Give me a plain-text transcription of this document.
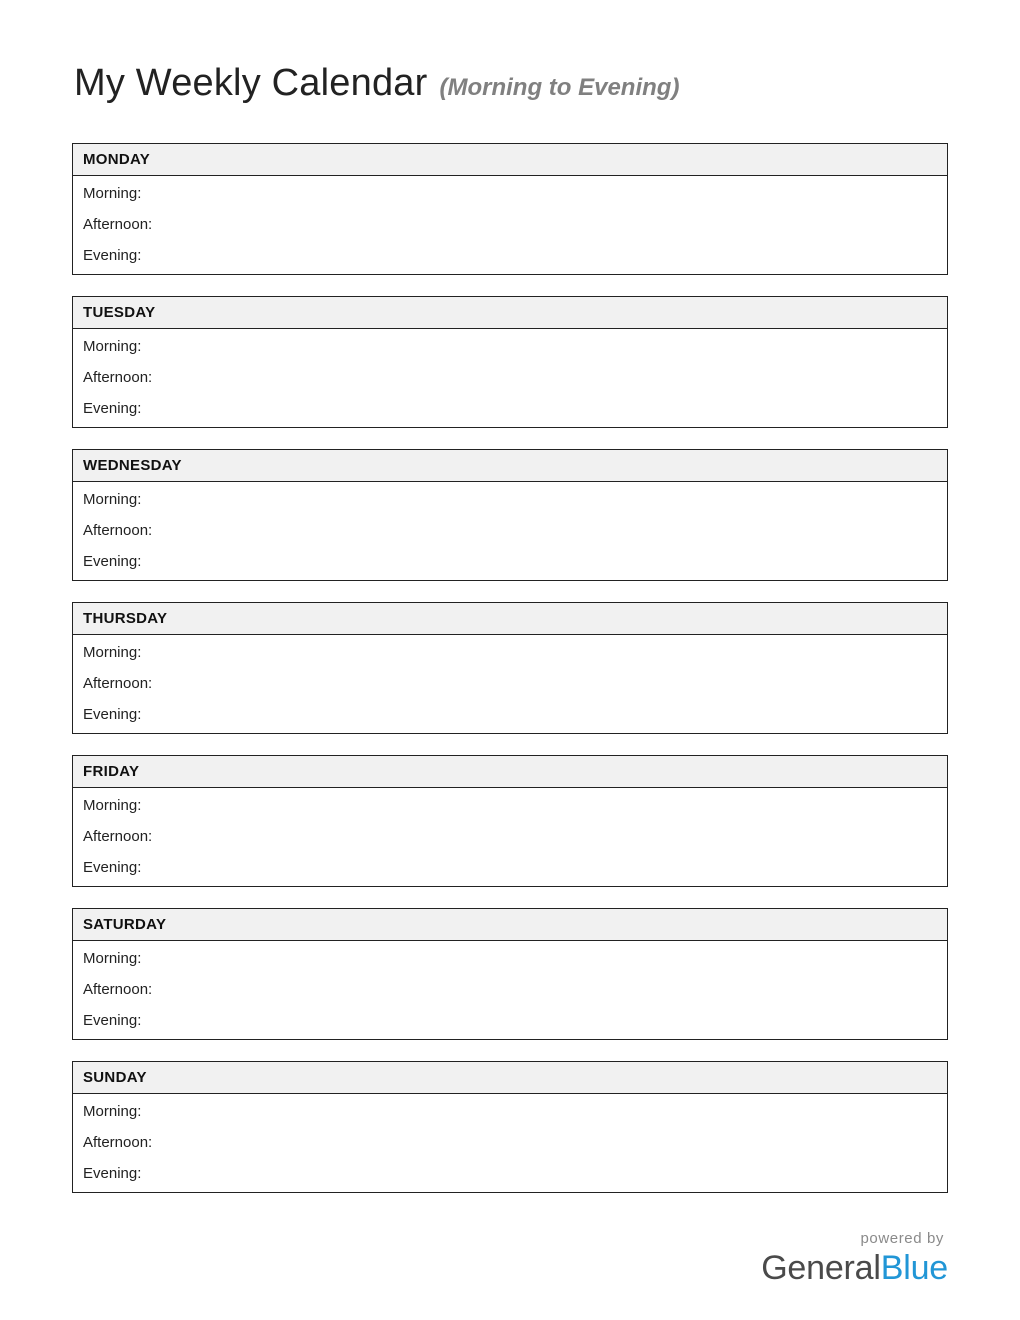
My Weekly Calendar (Morning to Evening)
MONDAY
Morning:
Afternoon:
Evening:
TUESDAY
Morning:
Afternoon:
Evening:
WEDNESDAY
Morning:
Afternoon:
Evening:
THURSDAY
Morning:
Afternoon:
Evening:
FRIDAY
Morning:
Afternoon:
Evening:
SATURDAY
Morning:
Afternoon:
Evening:
SUNDAY
Morning:
Afternoon:
Evening:
powered by
GeneralBlue
